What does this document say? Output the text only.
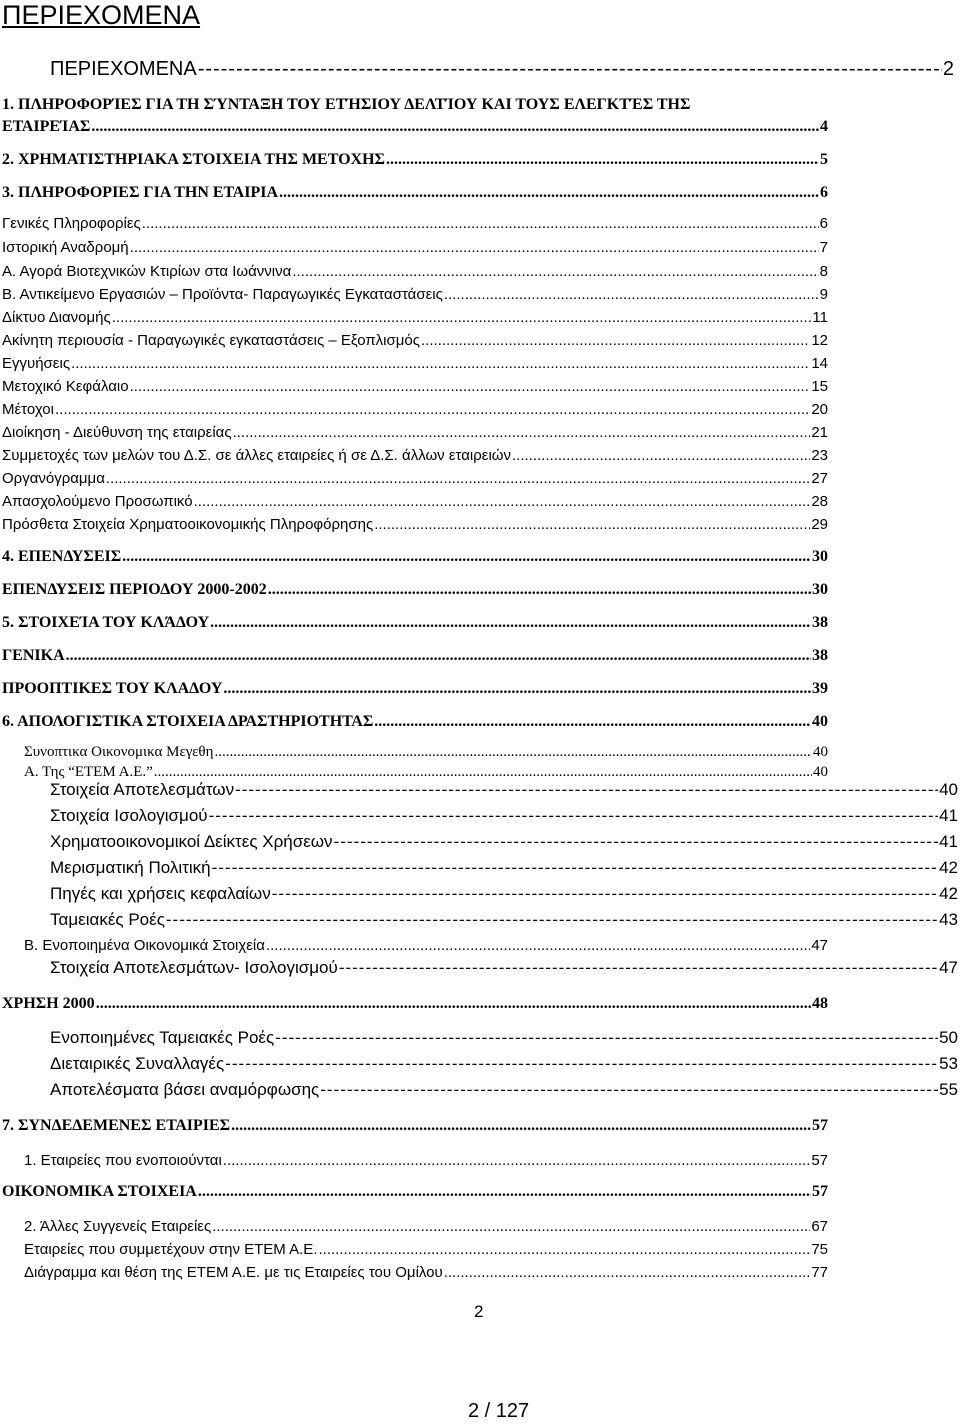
ΠΕΡΙΕΧΟΜΕΝΑ
ΠΕΡΙΕΧΟΜΕΝΑ -----	2
1. ΠΛΗΡΟΦΟΡΊΕΣ ΓΙΑ ΤΗ ΣΎΝΤΑΞΗ ΤΟΥ ΕΤΉΣΙΟΥ ΔΕΛΤΊΟΥ ΚΑΙ ΤΟΥΣ ΕΛΕΓΚΤΈΣ ΤΗΣ
ΕΤΑΙΡΕΊΑΣ .....	4
2. ΧΡΗΜΑΤΙΣΤΗΡΙΑΚΑ ΣΤΟΙΧΕΙΑ ΤΗΣ ΜΕΤΟΧΗΣ .....	5
3. ΠΛΗΡΟΦΟΡΙΕΣ ΓΙΑ ΤΗΝ ΕΤΑΙΡΙΑ .....	6
Γενικές Πληροφορίες .....	6
Ιστορική Αναδρομή .....	7
Α. Αγορά Βιοτεχνικών Κτιρίων στα Ιωάννινα .....	8
Β. Αντικείμενο Εργασιών – Προϊόντα- Παραγωγικές Εγκαταστάσεις .....	9
Δίκτυο Διανομής .....	11
Ακίνητη περιουσία - Παραγωγικές εγκαταστάσεις – Εξοπλισμός .....	12
Εγγυήσεις .....	14
Μετοχικό Κεφάλαιο .....	15
Μέτοχοι .....	20
Διοίκηση - Διεύθυνση της εταιρείας .....	21
Συμμετοχές των μελών του Δ.Σ. σε άλλες εταιρείες ή σε Δ.Σ. άλλων εταιρειών .....	23
Οργανόγραμμα .....	27
Απασχολούμενο Προσωπικό .....	28
Πρόσθετα Στοιχεία Χρηματοοικονομικής Πληροφόρησης .....	29
4. ΕΠΕΝΔΥΣΕΙΣ .....	30
ΕΠΕΝΔΥΣΕΙΣ ΠΕΡΙΟΔΟΥ 2000-2002 .....	30
5. ΣΤΟΙΧΕΊΑ ΤΟΥ ΚΛΆΔΟΥ .....	38
ΓΕΝΙΚΑ .....	38
ΠΡΟΟΠΤΙΚΕΣ ΤΟΥ ΚΛΑΔΟΥ .....	39
6. ΑΠΟΛΟΓΙΣΤΙΚΑ ΣΤΟΙΧΕΙΑ ΔΡΑΣΤΗΡΙΟΤΗΤΑΣ .....	40
Συνοπτικα Οικονομικα Μεγεθη .....	40
Α. Της “ΕΤΕΜ Α.Ε.” .....	40
Στοιχεία Αποτελεσμάτων -----	40
Στοιχεία Ισολογισμού -----	41
Χρηματοοικονομικοί Δείκτες Χρήσεων -----	41
Μερισματική Πολιτική -----	42
Πηγές και χρήσεις κεφαλαίων -----	42
Ταμειακές Ροές -----	43
Β. Ενοποιημένα Οικονομικά Στοιχεία .....	47
Στοιχεία Αποτελεσμάτων- Ισολογισμού -----	47
ΧΡΗΣΗ 2000 .....	48
Ενοποιημένες Ταμειακές Ροές -----	50
Διεταιρικές Συναλλαγές -----	53
Αποτελέσματα βάσει αναμόρφωσης -----	55
7. ΣΥΝΔΕΔΕΜΕΝΕΣ ΕΤΑΙΡΙΕΣ .....	57
1. Εταιρείες που ενοποιούνται .....	57
ΟΙΚΟΝΟΜΙΚΑ ΣΤΟΙΧΕΙΑ .....	57
2. Άλλες Συγγενείς Εταιρείες .....	67
Εταιρείες που συμμετέχουν στην ΕΤΕΜ Α.Ε. .....	75
Διάγραμμα και θέση της ΕΤΕΜ Α.Ε. με τις Εταιρείες του Ομίλου .....	77
2
2 / 127
